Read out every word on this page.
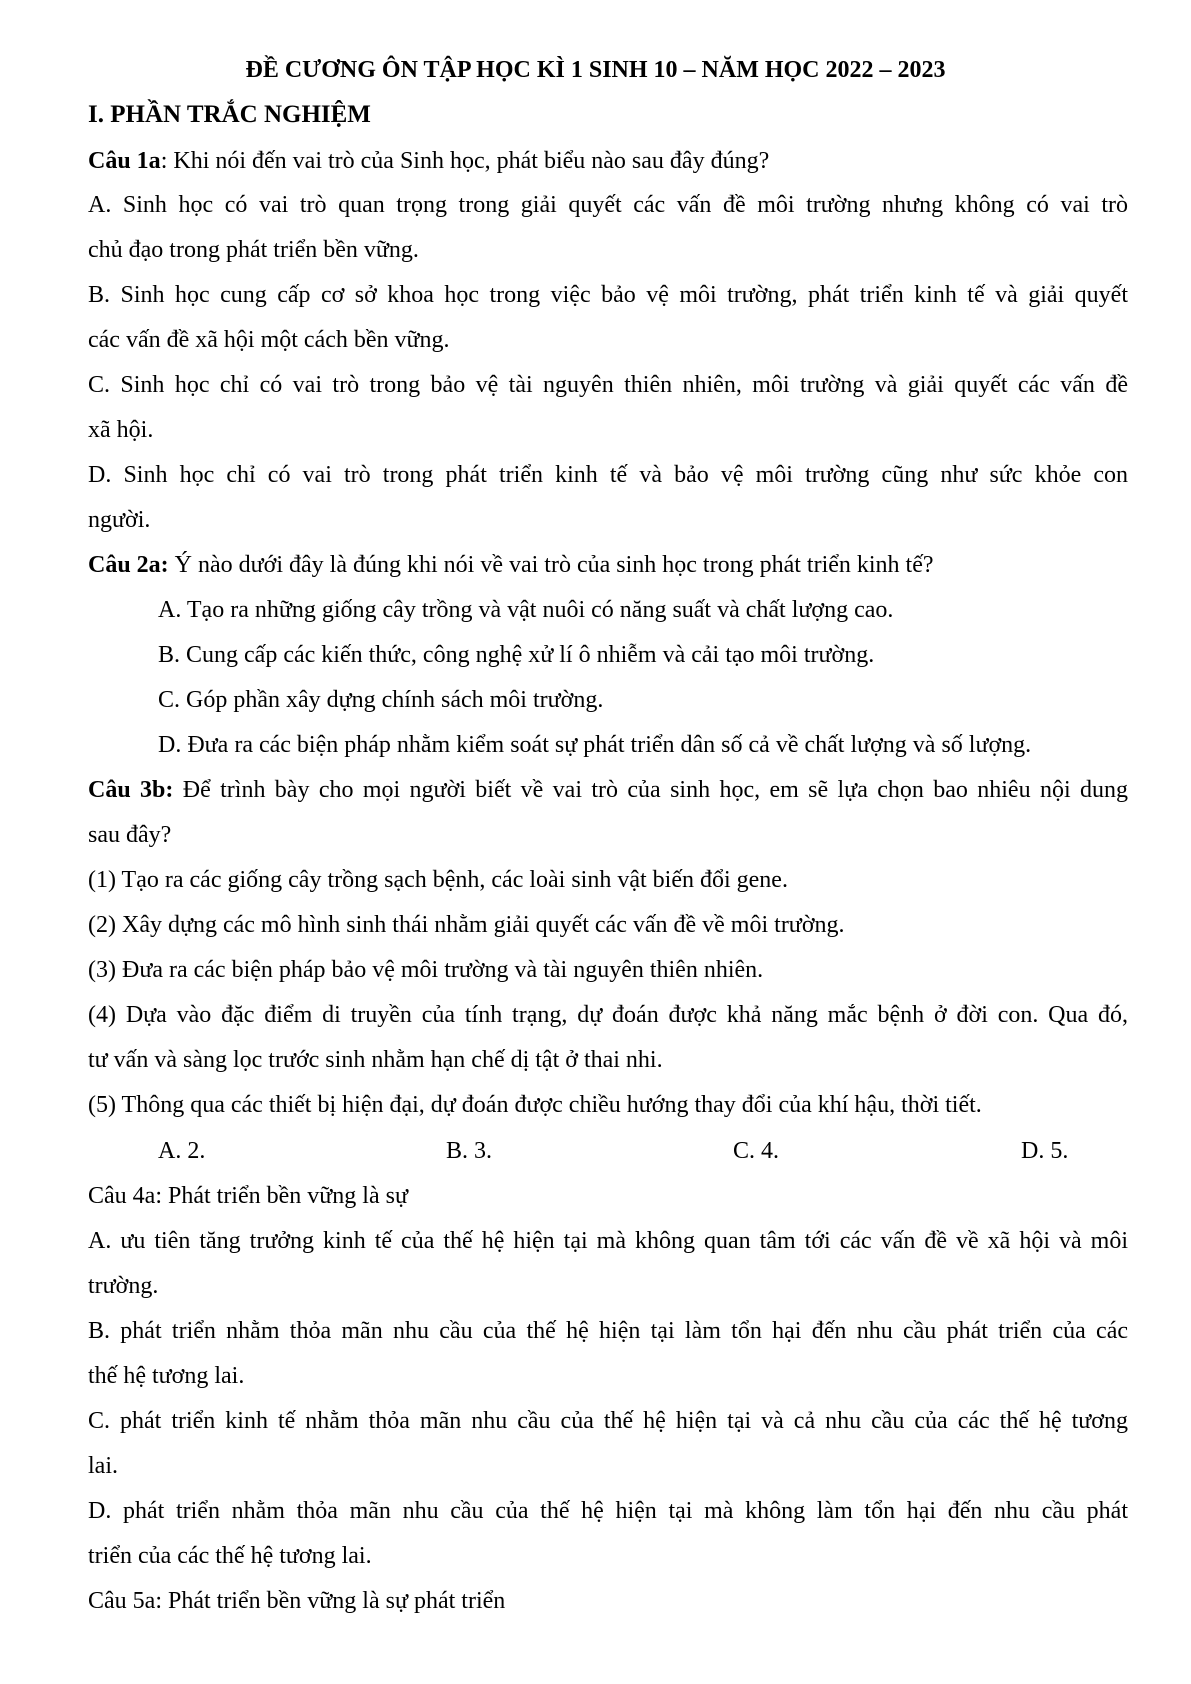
ĐỀ CƯƠNG ÔN TẬP HỌC KÌ 1 SINH 10 – NĂM HỌC 2022 – 2023
I. PHẦN TRẮC NGHIỆM
Câu 1a: Khi nói đến vai trò của Sinh học, phát biểu nào sau đây đúng?
A. Sinh học có vai trò quan trọng trong giải quyết các vấn đề môi trường nhưng không có vai trò
chủ đạo trong phát triển bền vững.
B. Sinh học cung cấp cơ sở khoa học trong việc bảo vệ môi trường, phát triển kinh tế và giải quyết
các vấn đề xã hội một cách bền vững.
C. Sinh học chỉ có vai trò trong bảo vệ tài nguyên thiên nhiên, môi trường và giải quyết các vấn đề
xã hội.
D. Sinh học chỉ có vai trò trong phát triển kinh tế và bảo vệ môi trường cũng như sức khỏe con
người.
Câu 2a: Ý nào dưới đây là đúng khi nói về vai trò của sinh học trong phát triển kinh tế?
A. Tạo ra những giống cây trồng và vật nuôi có năng suất và chất lượng cao.
B. Cung cấp các kiến thức, công nghệ xử lí ô nhiễm và cải tạo môi trường.
C. Góp phần xây dựng chính sách môi trường.
D. Đưa ra các biện pháp nhằm kiểm soát sự phát triển dân số cả về chất lượng và số lượng.
Câu 3b: Để trình bày cho mọi người biết về vai trò của sinh học, em sẽ lựa chọn bao nhiêu nội dung
sau đây?
(1) Tạo ra các giống cây trồng sạch bệnh, các loài sinh vật biến đổi gene.
(2) Xây dựng các mô hình sinh thái nhằm giải quyết các vấn đề về môi trường.
(3) Đưa ra các biện pháp bảo vệ môi trường và tài nguyên thiên nhiên.
(4) Dựa vào đặc điểm di truyền của tính trạng, dự đoán được khả năng mắc bệnh ở đời con. Qua đó,
tư vấn và sàng lọc trước sinh nhằm hạn chế dị tật ở thai nhi.
(5) Thông qua các thiết bị hiện đại, dự đoán được chiều hướng thay đổi của khí hậu, thời tiết.
A. 2.	B. 3.	C. 4.	D. 5.
Câu 4a: Phát triển bền vững là sự
A. ưu tiên tăng trưởng kinh tế của thế hệ hiện tại mà không quan tâm tới các vấn đề về xã hội và môi
trường.
B. phát triển nhằm thỏa mãn nhu cầu của thế hệ hiện tại làm tổn hại đến nhu cầu phát triển của các
thế hệ tương lai.
C. phát triển kinh tế nhằm thỏa mãn nhu cầu của thế hệ hiện tại và cả nhu cầu của các thế hệ tương
lai.
D. phát triển nhằm thỏa mãn nhu cầu của thế hệ hiện tại mà không làm tổn hại đến nhu cầu phát
triển của các thế hệ tương lai.
Câu 5a: Phát triển bền vững là sự phát triển
